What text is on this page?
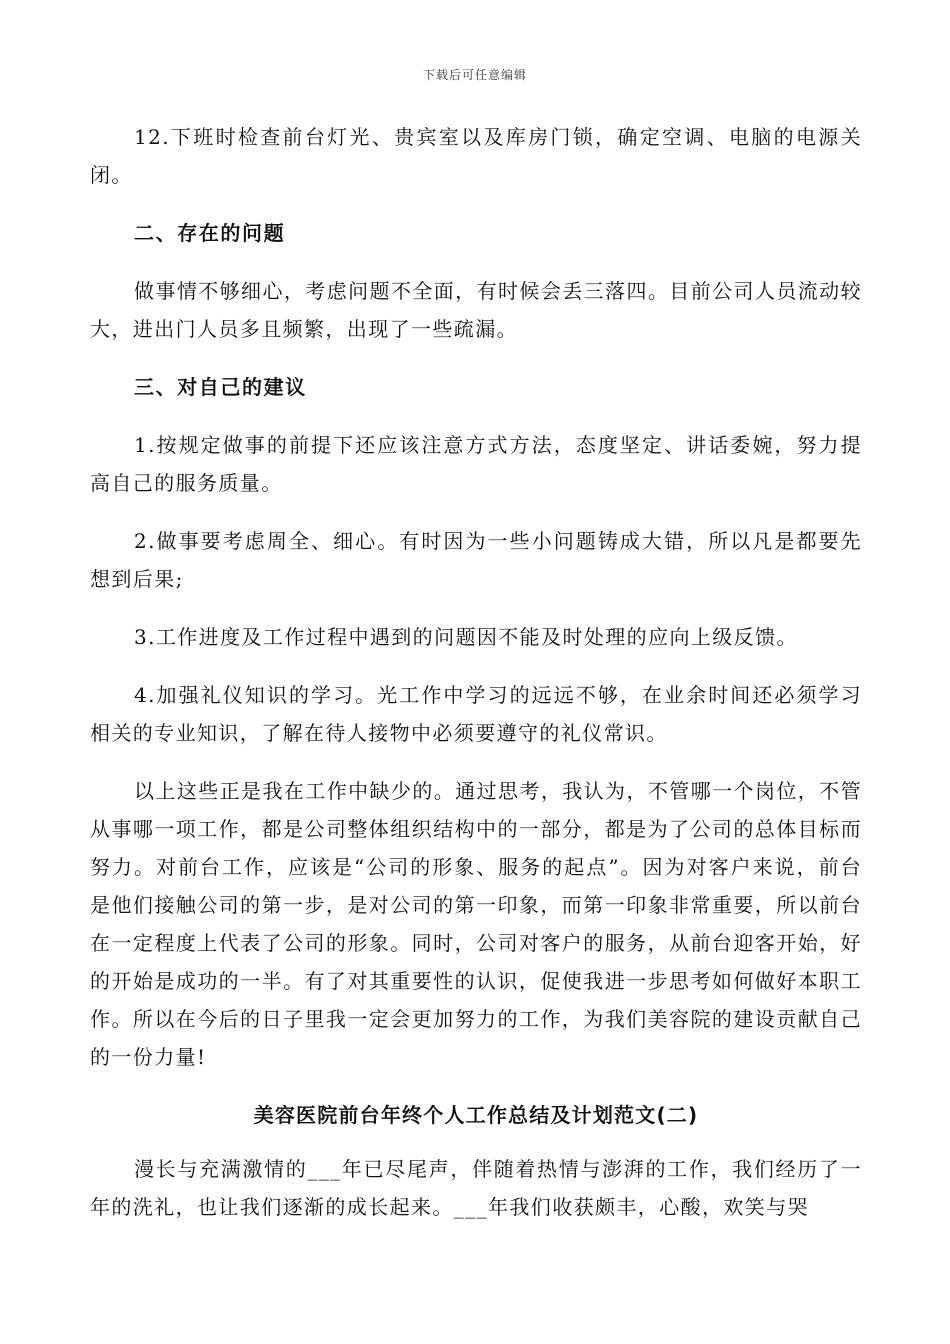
下载后可任意编辑

12.下班时检查前台灯光、贵宾室以及库房门锁，确定空调、电脑的电源关闭。

二、存在的问题

做事情不够细心，考虑问题不全面，有时候会丢三落四。目前公司人员流动较大，进出门人员多且频繁，出现了一些疏漏。

三、对自己的建议

1.按规定做事的前提下还应该注意方式方法，态度坚定、讲话委婉，努力提高自己的服务质量。

2.做事要考虑周全、细心。有时因为一些小问题铸成大错，所以凡是都要先想到后果;

3.工作进度及工作过程中遇到的问题因不能及时处理的应向上级反馈。

4.加强礼仪知识的学习。光工作中学习的远远不够，在业余时间还必须学习相关的专业知识，了解在待人接物中必须要遵守的礼仪常识。

以上这些正是我在工作中缺少的。通过思考，我认为，不管哪一个岗位，不管从事哪一项工作，都是公司整体组织结构中的一部分，都是为了公司的总体目标而努力。对前台工作，应该是“公司的形象、服务的起点”。因为对客户来说，前台是他们接触公司的第一步，是对公司的第一印象，而第一印象非常重要，所以前台在一定程度上代表了公司的形象。同时，公司对客户的服务，从前台迎客开始，好的开始是成功的一半。有了对其重要性的认识，促使我进一步思考如何做好本职工作。所以在今后的日子里我一定会更加努力的工作，为我们美容院的建设贡献自己的一份力量!

美容医院前台年终个人工作总结及计划范文(二)

漫长与充满激情的___年已尽尾声，伴随着热情与澎湃的工作，我们经历了一年的洗礼，也让我们逐渐的成长起来。___年我们收获颇丰，心酸，欢笑与哭
